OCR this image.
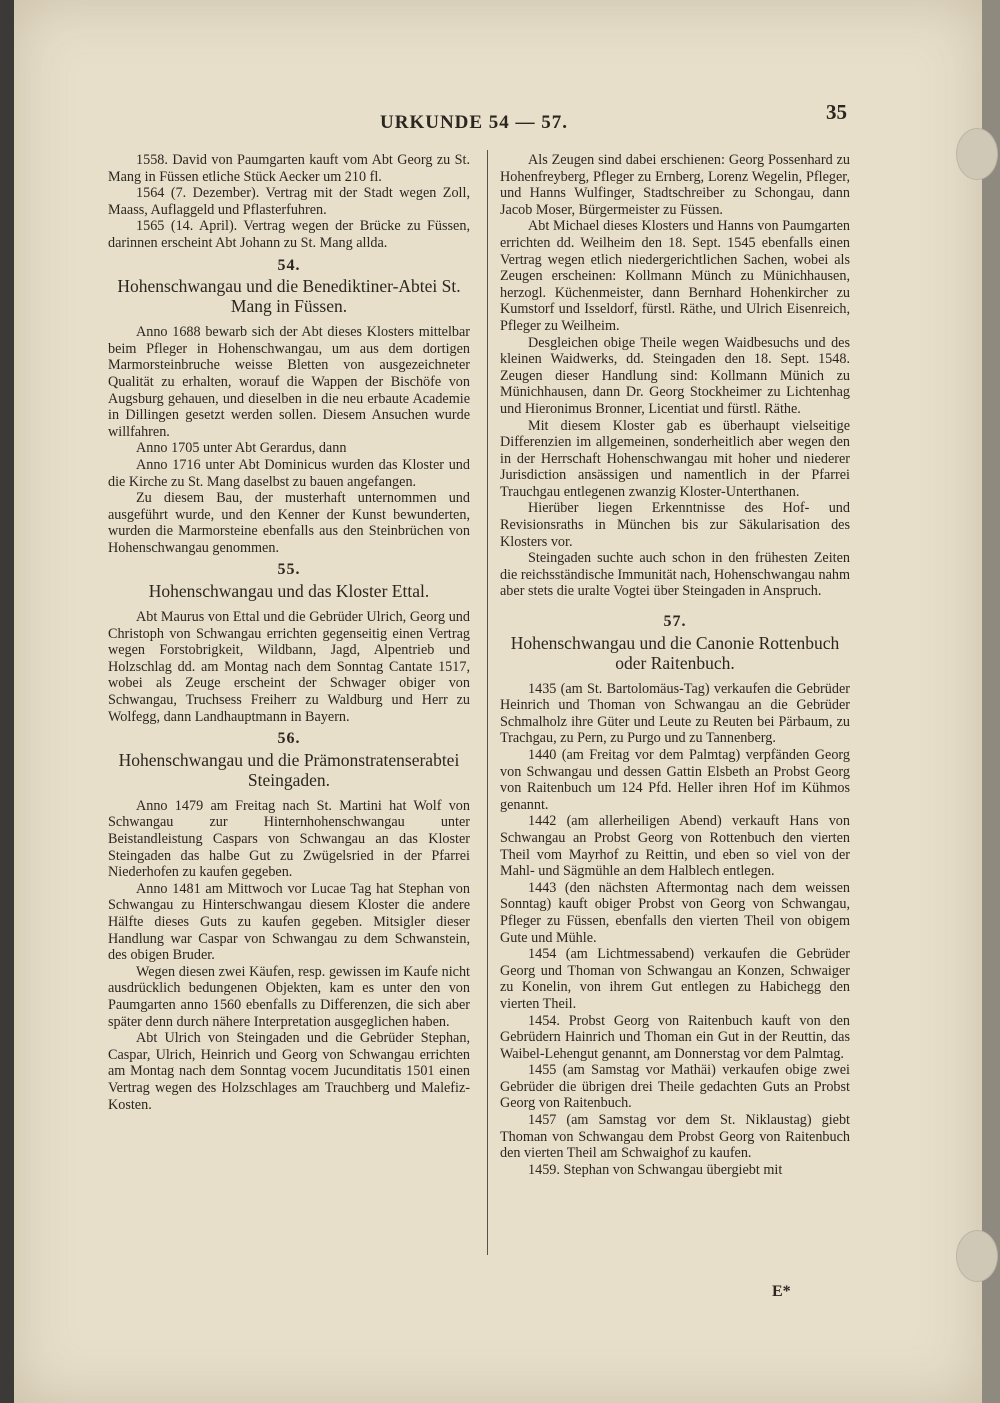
URKUNDE 54 — 57.	35

1558. David von Paumgarten kauft vom Abt Georg zu St. Mang in Füssen etliche Stück Aecker um 210 fl.

1564 (7. Dezember). Vertrag mit der Stadt wegen Zoll, Maass, Auflaggeld und Pflasterfuhren.

1565 (14. April). Vertrag wegen der Brücke zu Füssen, darinnen erscheint Abt Johann zu St. Mang allda.

54.
Hohenschwangau und die Benediktiner-Abtei St. Mang in Füssen.

Anno 1688 bewarb sich der Abt dieses Klosters mittelbar beim Pfleger in Hohenschwangau, um aus dem dortigen Marmorsteinbruche weisse Bletten von ausgezeichneter Qualität zu erhalten, worauf die Wappen der Bischöfe von Augsburg gehauen, und dieselben in die neu erbaute Academie in Dillingen gesetzt werden sollen. Diesem Ansuchen wurde willfahren.

Anno 1705 unter Abt Gerardus, dann

Anno 1716 unter Abt Dominicus wurden das Kloster und die Kirche zu St. Mang daselbst zu bauen angefangen.

Zu diesem Bau, der musterhaft unternommen und ausgeführt wurde, und den Kenner der Kunst bewunderten, wurden die Marmorsteine ebenfalls aus den Steinbrüchen von Hohenschwangau genommen.

55.
Hohenschwangau und das Kloster Ettal.

Abt Maurus von Ettal und die Gebrüder Ulrich, Georg und Christoph von Schwangau errichten gegenseitig einen Vertrag wegen Forstobrigkeit, Wildbann, Jagd, Alpentrieb und Holzschlag dd. am Montag nach dem Sonntag Cantate 1517, wobei als Zeuge erscheint der Schwager obiger von Schwangau, Truchsess Freiherr zu Waldburg und Herr zu Wolfegg, dann Landhauptmann in Bayern.

56.
Hohenschwangau und die Prämonstratenserabtei Steingaden.

Anno 1479 am Freitag nach St. Martini hat Wolf von Schwangau zur Hinternhohenschwangau unter Beistandleistung Caspars von Schwangau an das Kloster Steingaden das halbe Gut zu Zwügelsried in der Pfarrei Niederhofen zu kaufen gegeben.

Anno 1481 am Mittwoch vor Lucae Tag hat Stephan von Schwangau zu Hinterschwangau diesem Kloster die andere Hälfte dieses Guts zu kaufen gegeben. Mitsigler dieser Handlung war Caspar von Schwangau zu dem Schwanstein, des obigen Bruder.

Wegen diesen zwei Käufen, resp. gewissen im Kaufe nicht ausdrücklich bedungenen Objekten, kam es unter den von Paumgarten anno 1560 ebenfalls zu Differenzen, die sich aber später denn durch nähere Interpretation ausgeglichen haben.

Abt Ulrich von Steingaden und die Gebrüder Stephan, Caspar, Ulrich, Heinrich und Georg von Schwangau errichten am Montag nach dem Sonntag vocem Jucunditatis 1501 einen Vertrag wegen des Holzschlages am Trauchberg und Malefiz-Kosten.

Als Zeugen sind dabei erschienen: Georg Possenhard zu Hohenfreyberg, Pfleger zu Ernberg, Lorenz Wegelin, Pfleger, und Hanns Wulfinger, Stadtschreiber zu Schongau, dann Jacob Moser, Bürgermeister zu Füssen.

Abt Michael dieses Klosters und Hanns von Paumgarten errichten dd. Weilheim den 18. Sept. 1545 ebenfalls einen Vertrag wegen etlich niedergerichtlichen Sachen, wobei als Zeugen erscheinen: Kollmann Münch zu Münichhausen, herzogl. Küchenmeister, dann Bernhard Hohenkircher zu Kumstorf und Isseldorf, fürstl. Räthe, und Ulrich Eisenreich, Pfleger zu Weilheim.

Desgleichen obige Theile wegen Waidbesuchs und des kleinen Waidwerks, dd. Steingaden den 18. Sept. 1548. Zeugen dieser Handlung sind: Kollmann Münich zu Münichhausen, dann Dr. Georg Stockheimer zu Lichtenhag und Hieronimus Bronner, Licentiat und fürstl. Räthe.

Mit diesem Kloster gab es überhaupt vielseitige Differenzien im allgemeinen, sonderheitlich aber wegen den in der Herrschaft Hohenschwangau mit hoher und niederer Jurisdiction ansässigen und namentlich in der Pfarrei Trauchgau entlegenen zwanzig Kloster-Unterthanen.

Hierüber liegen Erkenntnisse des Hof- und Revisionsraths in München bis zur Säkularisation des Klosters vor.

Steingaden suchte auch schon in den frühesten Zeiten die reichsständische Immunität nach, Hohenschwangau nahm aber stets die uralte Vogtei über Steingaden in Anspruch.

57.
Hohenschwangau und die Canonie Rottenbuch oder Raitenbuch.

1435 (am St. Bartolomäus-Tag) verkaufen die Gebrüder Heinrich und Thoman von Schwangau an die Gebrüder Schmalholz ihre Güter und Leute zu Reuten bei Pärbaum, zu Trachgau, zu Pern, zu Purgo und zu Tannenberg.

1440 (am Freitag vor dem Palmtag) verpfänden Georg von Schwangau und dessen Gattin Elsbeth an Probst Georg von Raitenbuch um 124 Pfd. Heller ihren Hof im Kühmos genannt.

1442 (am allerheiligen Abend) verkauft Hans von Schwangau an Probst Georg von Rottenbuch den vierten Theil vom Mayrhof zu Reittin, und eben so viel von der Mahl- und Sägmühle an dem Halblech entlegen.

1443 (den nächsten Aftermontag nach dem weissen Sonntag) kauft obiger Probst von Georg von Schwangau, Pfleger zu Füssen, ebenfalls den vierten Theil von obigem Gute und Mühle.

1454 (am Lichtmessabend) verkaufen die Gebrüder Georg und Thoman von Schwangau an Konzen, Schwaiger zu Konelin, von ihrem Gut entlegen zu Habichegg den vierten Theil.

1454. Probst Georg von Raitenbuch kauft von den Gebrüdern Hainrich und Thoman ein Gut in der Reuttin, das Waibel-Lehengut genannt, am Donnerstag vor dem Palmtag.

1455 (am Samstag vor Mathäi) verkaufen obige zwei Gebrüder die übrigen drei Theile gedachten Guts an Probst Georg von Raitenbuch.

1457 (am Samstag vor dem St. Niklaustag) giebt Thoman von Schwangau dem Probst Georg von Raitenbuch den vierten Theil am Schwaighof zu kaufen.

1459. Stephan von Schwangau übergiebt mit

E*
